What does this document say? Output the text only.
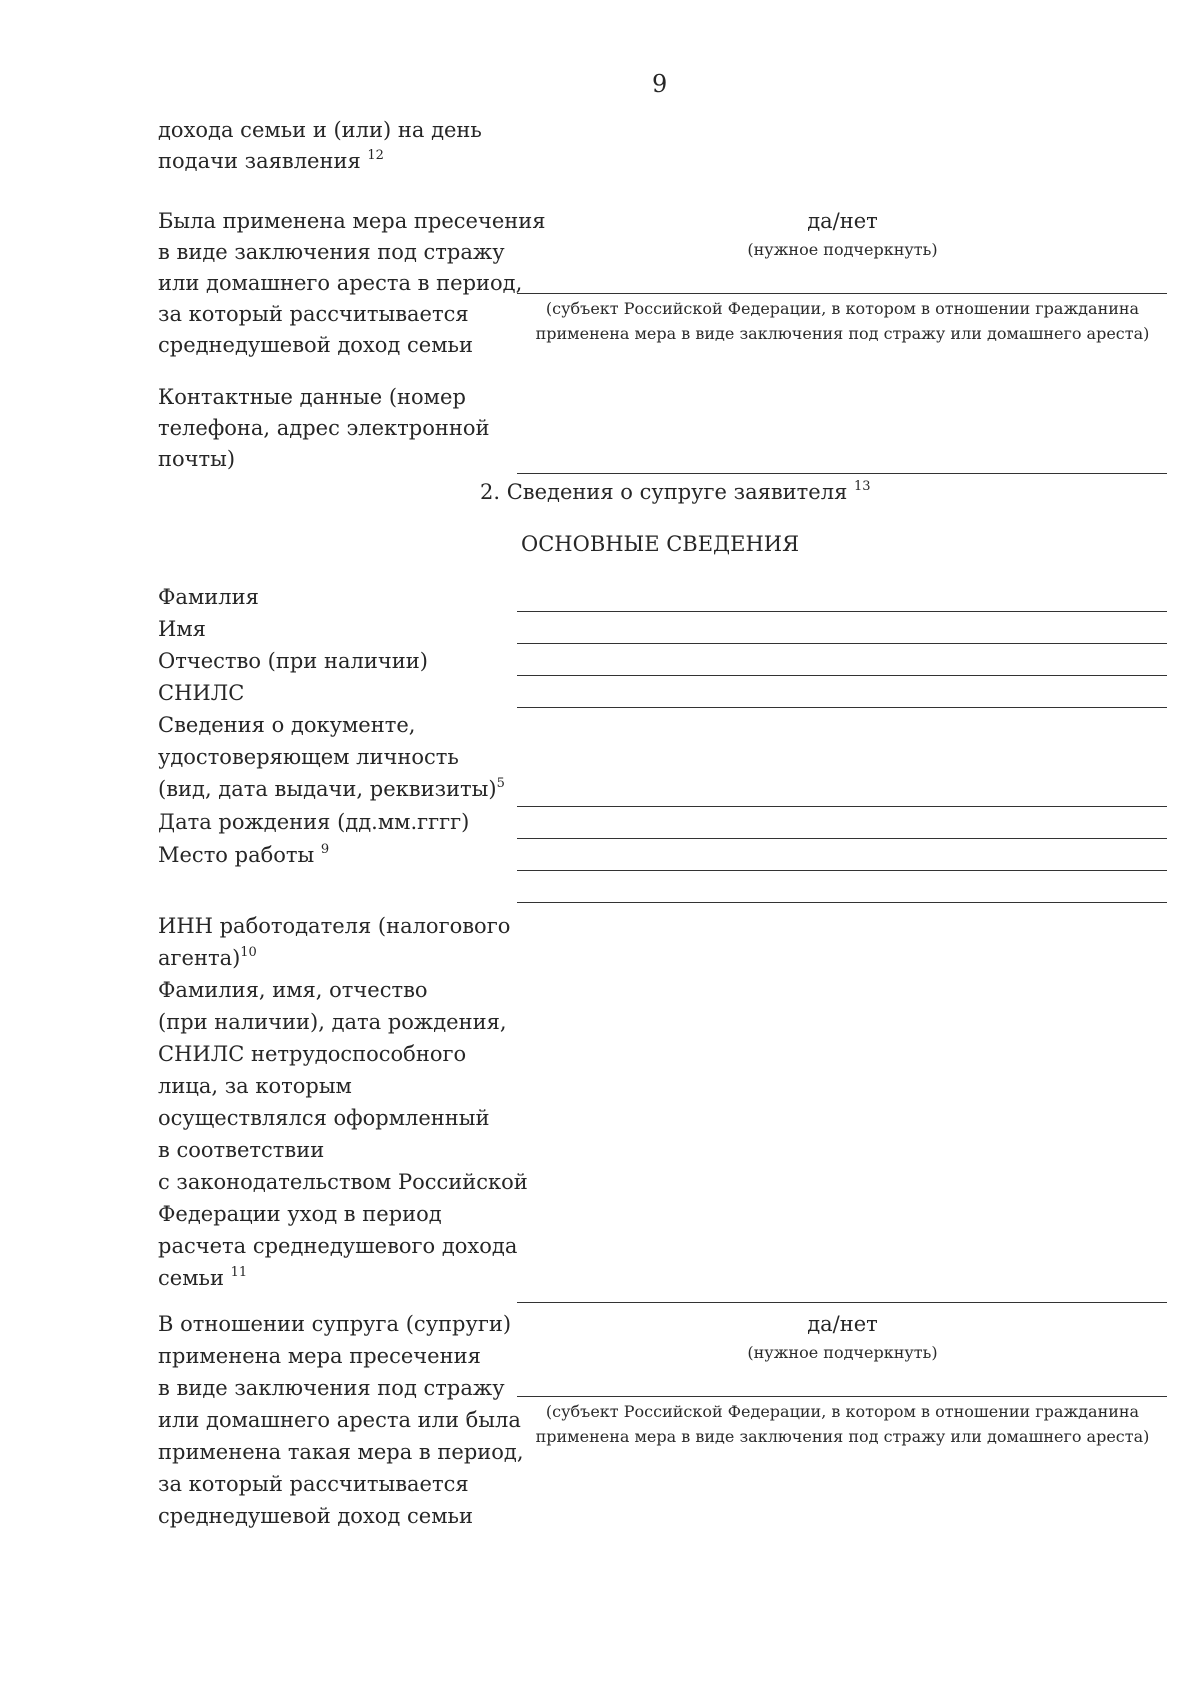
9
дохода семьи и (или) на день
подачи заявления $^{12}$
Была применена мера пресечения
в виде заключения под стражу
или домашнего ареста в период,
за который рассчитывается
среднедушевой доход семьи
да/нет
(нужное подчеркнуть)
(субъект Российской Федерации, в котором в отношении гражданина
применена мера в виде заключения под стражу или домашнего ареста)
Контактные данные (номер
телефона, адрес электронной
почты)
2. Сведения о супруге заявителя $^{13}$
ОСНОВНЫЕ СВЕДЕНИЯ
Фамилия
Имя
Отчество (при наличии)
СНИЛС
Сведения о документе,
удостоверяющем личность
(вид, дата выдачи, реквизиты)$^5$
Дата рождения (дд.мм.гггг)
Место работы $^9$
ИНН работодателя (налогового
агента)$^{10}$
Фамилия, имя, отчество
(при наличии), дата рождения,
СНИЛС нетрудоспособного
лица, за которым
осуществлялся оформленный
в соответствии
с законодательством Российской
Федерации уход в период
расчета среднедушевого дохода
семьи $^{11}$
В отношении супруга (супруги)
применена мера пресечения
в виде заключения под стражу
или домашнего ареста или была
применена такая мера в период,
за который рассчитывается
среднедушевой доход семьи
да/нет
(нужное подчеркнуть)
(субъект Российской Федерации, в котором в отношении гражданина
применена мера в виде заключения под стражу или домашнего ареста)
